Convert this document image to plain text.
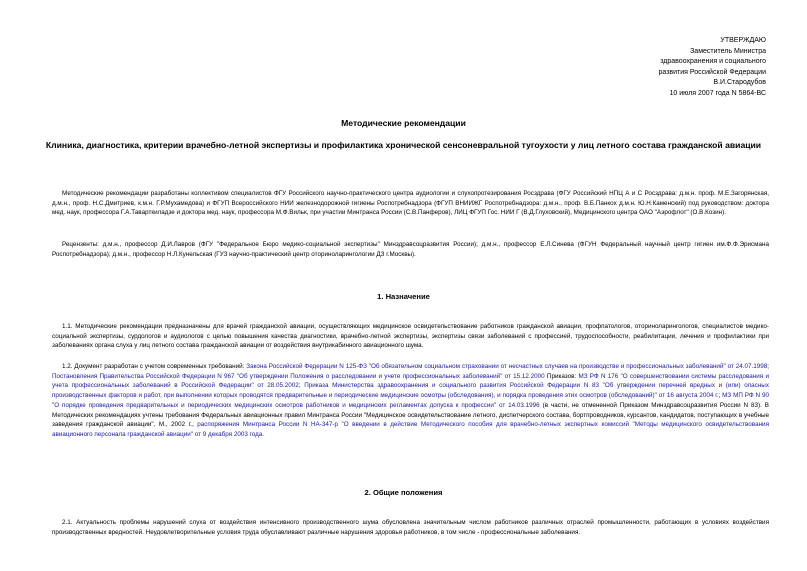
УТВЕРЖДАЮ
Заместитель Министра
здравоохранения и социального
развития Российской Федерации
В.И.Стародубов
10 июля 2007 года N 5864-ВС
Методические рекомендации
Клиника, диагностика, критерии врачебно-летной экспертизы и профилактика хронической сенсоневральной тугоухости у лиц летного состава гражданской авиации

Методические рекомендации разработаны коллективом специалистов ФГУ Российского научно-практического центра аудиологии и слухопротезирования Росздрава (ФГУ Российский НПЦ А и С Росздрава: д.м.н. проф. М.Е.Загорянская, д.м.н., проф. Н.С.Дмитриев, к.м.н. Г.Р.Мухамедова) и ФГУП Всероссийского НИИ железнодорожной гигиены Роспотребнадзора (ФГУП ВНИИЖГ Роспотребнадзора: д.м.н., проф. В.Б.Панкох д.м.н. Ю.Н.Каменский) под руководством: доктора мед. наук, профессора Г.А.Таварткиладзе и доктора мед. наук, профессора М.Ф.Вильк, при участии Минтранса России (С.В.Панферов), ЛИЦ ФГУП Гос. НИИ Г (В.Д.Глуховский), Медицинского центра ОАО "Аэрофлот" (О.В.Козин).

Рецензенты: д.м.н., профессор Д.И.Лавров (ФГУ "Федеральное Бюро медико-социальной экспертизы" Минздравсоцразвития России); д.м.н., профессор Е.Л.Синева (ФГУН Федеральный научный центр гигиен им.Ф.Ф.Эрисмана Роспотребнадзора); д.м.н., профессор Н.Л.Кунельская (ГУЗ научно-практический центр оториноларингологии ДЗ г.Москвы).

1. Назначение

1.1. Методические рекомендации предназначены для врачей гражданской авиации, осуществляющих медицинское освидетельствование работников гражданской авиации, профпатологов, оториноларингологов, специалистов медико-социальной экспертизы, сурдологов и аудиологов с целью повышения качества диагностики, врачебно-летной экспертизы, экспертизы связи заболеваний с профессией, трудоспособности, реабилитации, лечения и профилактики при заболеваниях органа слуха у лиц летного состава гражданской авиации от воздействия внутрикабинного авиационного шума.

1.2. Документ разработан с учетом современных требований: Закона Российской Федерации N 125-ФЗ "Об обязательном социальном страховании от несчастных случаев на производстве и профессиональных заболеваний" от 24.07.1998; Постановления Правительства Российской Федерации N 967 "Об утверждении Положения о расследовании и учете профессиональных заболеваний" от 15.12.2000 Приказов: МЗ РФ N 176 "О совершенствовании системы расследования и учета профессиональных заболеваний в Российской Федерации" от 28.05.2002; Приказа Министерства здравоохранения и социального развития Российской Федерации N 83 "Об утверждении перечней вредных и (или) опасных производственных факторов и работ, при выполнении которых проводятся предварительные и периодические медицинские осмотры (обследования), и порядка проведения этих осмотров (обследований)" от 16 августа 2004 г.; МЗ МП РФ N 90 "О порядке проведения предварительных и периодических медицинских осмотров работников и медицинских регламентах допуска к профессии" от 14.03.1996 (в части, не отмененной Приказом Минздравсоцразвития России N 83). В Методических рекомендациях учтены требования Федеральных авиационных правил Минтранса России "Медицинское освидетельствование летного, диспетчерского состава, бортпроводников, курсантов, кандидатов, поступающих в учебные заведения гражданской авиации", М., 2002 г., распоряжения Минтранса России N НА-347-р "О введении в действие Методического пособия для врачебно-летных экспертных комиссий "Методы медицинского освидетельствования авиационного персонала гражданской авиации" от 9 декабря 2003 года.

2. Общие положения

2.1. Актуальность проблемы нарушений слуха от воздействия интенсивного производственного шума обусловлена значительным числом работников различных отраслей промышленности, работающих в условиях воздействия производственных вредностей. Неудовлетворительные условия труда обуславливают различные нарушения здоровья работников, в том числе - профессиональные заболевания.
